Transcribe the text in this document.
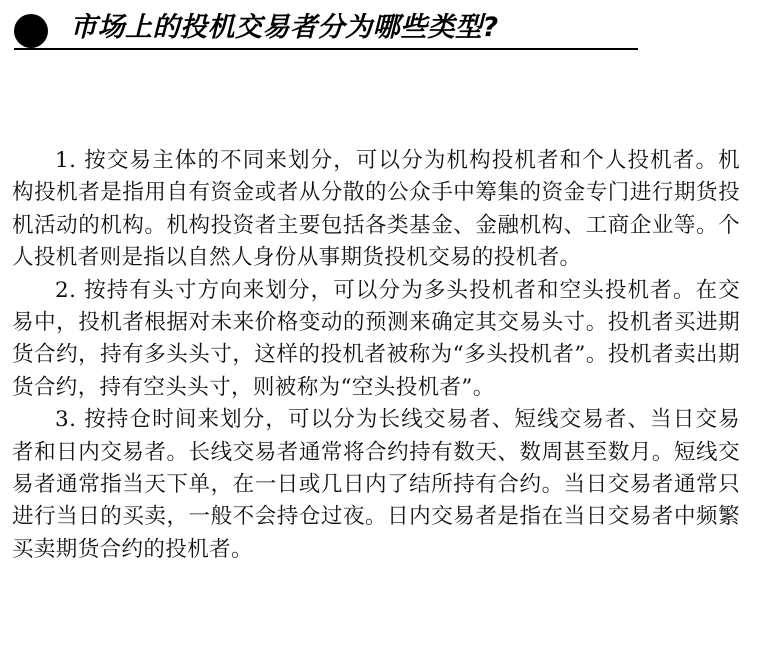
市场上的投机交易者分为哪些类型?

1. 按交易主体的不同来划分，可以分为机构投机者和个人投机者。机构投机者是指用自有资金或者从分散的公众手中筹集的资金专门进行期货投机活动的机构。机构投资者主要包括各类基金、金融机构、工商企业等。个人投机者则是指以自然人身份从事期货投机交易的投机者。

2. 按持有头寸方向来划分，可以分为多头投机者和空头投机者。在交易中，投机者根据对未来价格变动的预测来确定其交易头寸。投机者买进期货合约，持有多头头寸，这样的投机者被称为“多头投机者”。投机者卖出期货合约，持有空头头寸，则被称为“空头投机者”。

3. 按持仓时间来划分，可以分为长线交易者、短线交易者、当日交易者和日内交易者。长线交易者通常将合约持有数天、数周甚至数月。短线交易者通常指当天下单，在一日或几日内了结所持有合约。当日交易者通常只进行当日的买卖，一般不会持仓过夜。日内交易者是指在当日交易者中频繁买卖期货合约的投机者。
